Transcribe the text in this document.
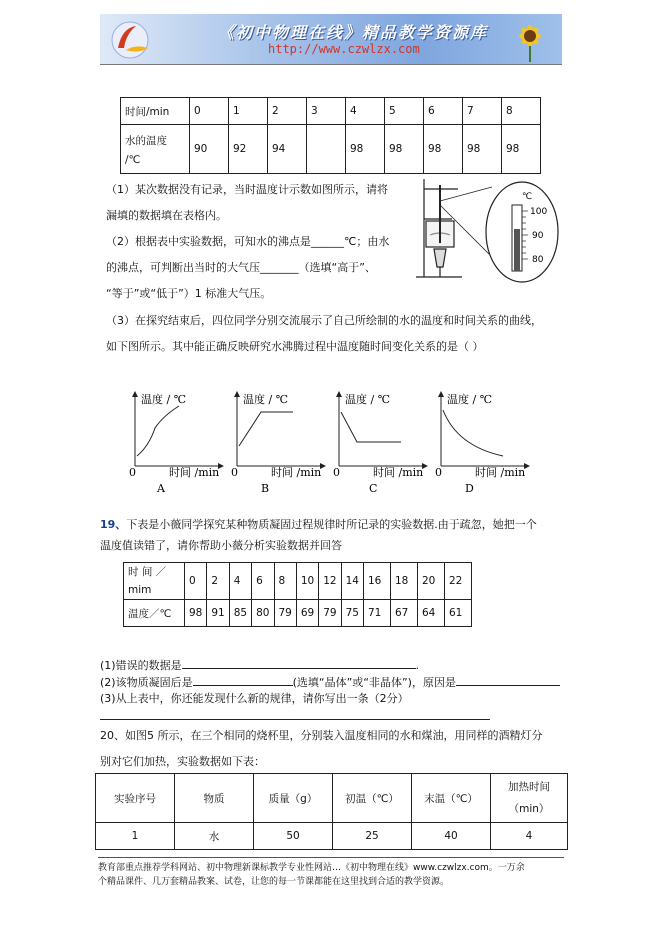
《初中物理在线》精品教学资源库
http://www.czwlzx.com
时间/min	0	1	2	3	4	5	6	7	8

水的温度
/℃	90	92	94		98	98	98	98	98
（1）某次数据没有记录，当时温度计示数如图所示，请将
漏填的数据填在表格内。
（2）根据表中实验数据，可知水的沸点是______℃；由水
的沸点，可判断出当时的大气压_______（选填“高于”、
“等于”或“低于”）1 标准大气压。
（3）在探究结束后，四位同学分别交流展示了自己所绘制的水的温度和时间关系的曲线，
如下图所示。其中能正确反映研究水沸腾过程中温度随时间变化关系的是（ ）
℃
100
90
80
温度 / ℃
0	时间 /min
A
温度 / ℃
0	时间 /min
B
温度 / ℃
0	时间 /min
C
温度 / ℃
0	时间 /min
D
19、下表是小薇同学探究某种物质凝固过程规律时所记录的实验数据.由于疏忽，她把一个
温度值读错了，请你帮助小薇分析实验数据并回答
时 间 ／
mim	0	2	4	6	8	10	12	14	16	18	20	22
温度／℃	98	91	85	80	79	69	79	75	71	67	64	61
(1)错误的数据是	.
(2)该物质凝固后是	(选填“晶体”或“非晶体”)，原因是
(3)从上表中，你还能发现什么新的规律，请你写出一条（2分）
20、如图5 所示，在三个相同的烧杯里，分别装入温度相同的水和煤油，用同样的酒精灯分
别对它们加热，实验数据如下表：
实验序号	物质	质量（g）	初温（℃）	末温（℃）	加热时间
（min）

1	水	50	25	40	4
教育部重点推荐学科网站、初中物理新课标教学专业性网站…《初中物理在线》www.czwlzx.com。一万余
个精品课件、几万套精品教案、试卷，让您的每一节课都能在这里找到合适的教学资源。
